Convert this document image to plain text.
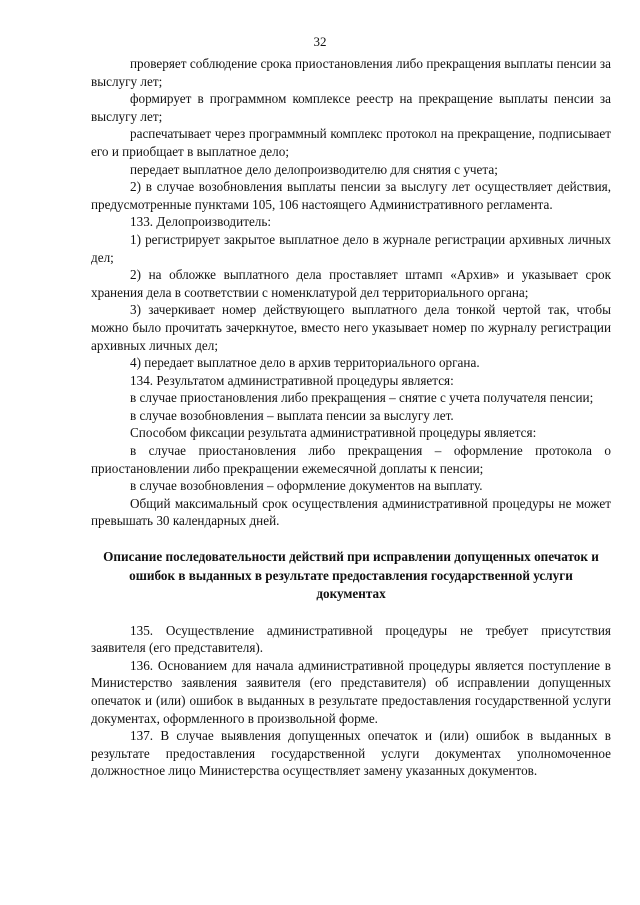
32

проверяет соблюдение срока приостановления либо прекращения выплаты пенсии за выслугу лет;

формирует в программном комплексе реестр на прекращение выплаты пенсии за выслугу лет;

распечатывает через программный комплекс протокол на прекращение, подписывает его и приобщает в выплатное дело;

передает выплатное дело делопроизводителю для снятия с учета;

2) в случае возобновления выплаты пенсии за выслугу лет осуществляет действия, предусмотренные пунктами 105, 106 настоящего Административного регламента.

133. Делопроизводитель:

1) регистрирует закрытое выплатное дело в журнале регистрации архивных личных дел;

2) на обложке выплатного дела проставляет штамп «Архив» и указывает срок хранения дела в соответствии с номенклатурой дел территориального органа;

3) зачеркивает номер действующего выплатного дела тонкой чертой так, чтобы можно было прочитать зачеркнутое, вместо него указывает номер по журналу регистрации архивных личных дел;

4) передает выплатное дело в архив территориального органа.

134. Результатом административной процедуры является:

в случае приостановления либо прекращения – снятие с учета получателя пенсии;

в случае возобновления – выплата пенсии за выслугу лет.

Способом фиксации результата административной процедуры является:

в случае приостановления либо прекращения – оформление протокола о приостановлении либо прекращении ежемесячной доплаты к пенсии;

в случае возобновления – оформление документов на выплату.

Общий максимальный срок осуществления административной процедуры не может превышать 30 календарных дней.

Описание последовательности действий при исправлении допущенных опечаток и ошибок в выданных в результате предоставления государственной услуги документах

135. Осуществление административной процедуры не требует присутствия заявителя (его представителя).

136. Основанием для начала административной процедуры является поступление в Министерство заявления заявителя (его представителя) об исправлении допущенных опечаток и (или) ошибок в выданных в результате предоставления государственной услуги документах, оформленного в произвольной форме.

137. В случае выявления допущенных опечаток и (или) ошибок в выданных в результате предоставления государственной услуги документах уполномоченное должностное лицо Министерства осуществляет замену указанных документов.
